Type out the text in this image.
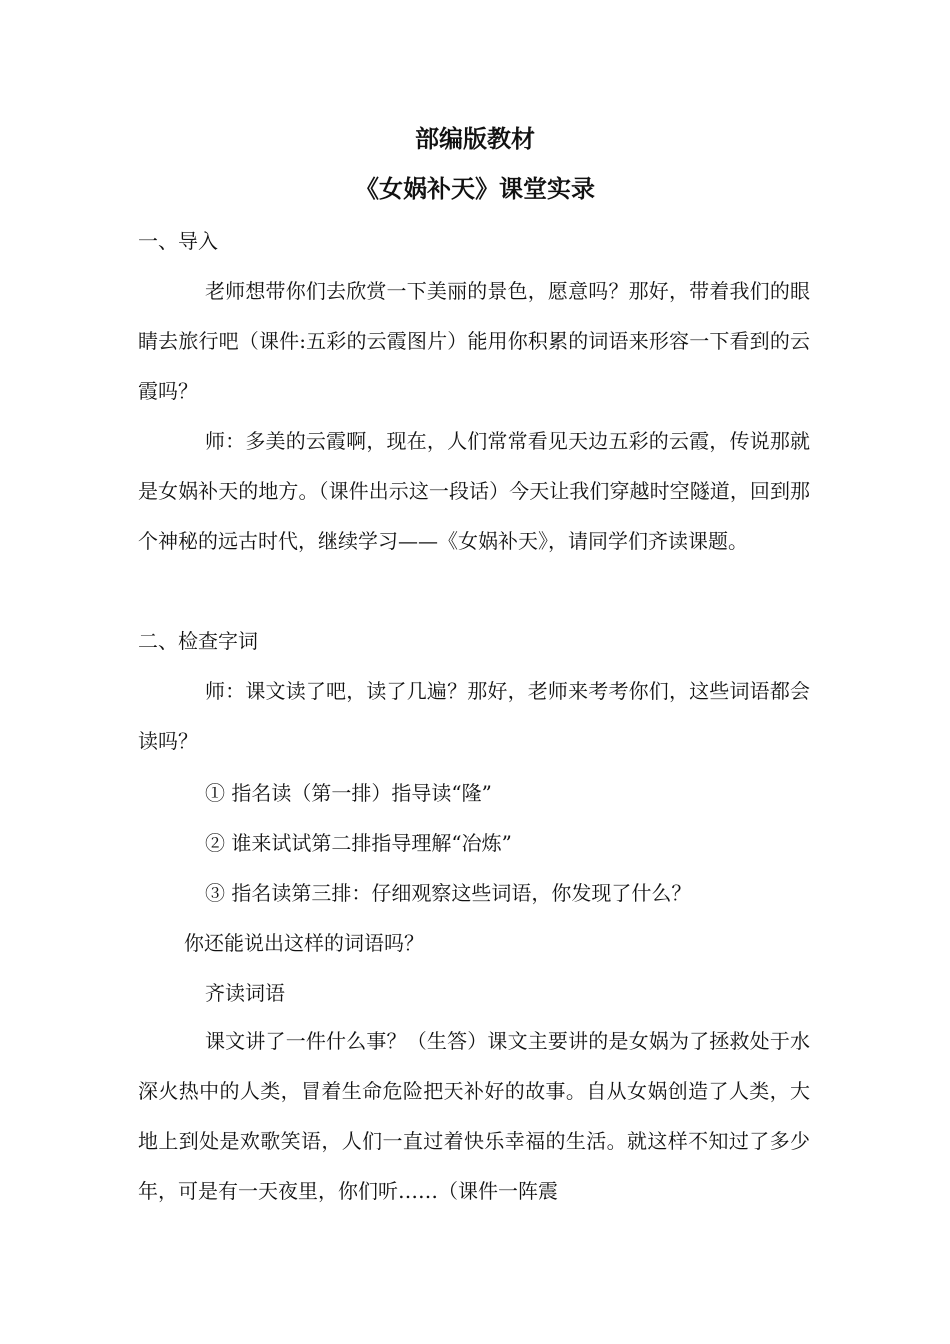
部编版教材
《女娲补天》课堂实录
一、导入
老师想带你们去欣赏一下美丽的景色，愿意吗？那好，带着我们的眼睛去旅行吧（课件:五彩的云霞图片）能用你积累的词语来形容一下看到的云霞吗？
师：多美的云霞啊，现在，人们常常看见天边五彩的云霞，传说那就是女娲补天的地方。（课件出示这一段话）今天让我们穿越时空隧道，回到那个神秘的远古时代，继续学习——《女娲补天》，请同学们齐读课题。
二、检查字词
师：课文读了吧，读了几遍？那好，老师来考考你们，这些词语都会读吗？
① 指名读（第一排）指导读“隆”
② 谁来试试第二排指导理解“冶炼”
③ 指名读第三排：仔细观察这些词语，你发现了什么？
你还能说出这样的词语吗？
齐读词语
课文讲了一件什么事？（生答）课文主要讲的是女娲为了拯救处于水深火热中的人类，冒着生命危险把天补好的故事。自从女娲创造了人类，大地上到处是欢歌笑语，人们一直过着快乐幸福的生活。就这样不知过了多少年，可是有一天夜里，你们听……（课件一阵震
